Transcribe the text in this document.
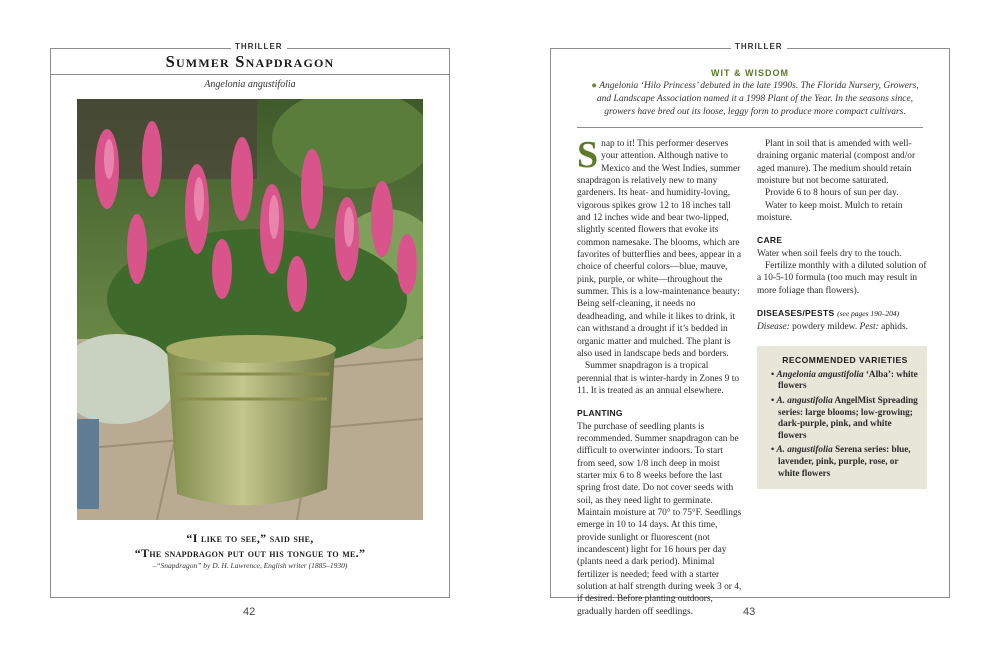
Summer Snapdragon
Angelonia angustifolia
“I like to see,” said she,
“The snapdragon put out his tongue to me.”
–“Snapdragon” by D. H. Lawrence, English writer (1885–1930)
THRILLER
42
WIT & WISDOM
● Angelonia ‘Hilo Princess’ debuted in the late 1990s. The Florida Nursery, Growers, and Landscape Association named it a 1998 Plant of the Year. In the seasons since, growers have bred out its loose, leggy form to produce more compact cultivars.

Snap to it! This performer deserves your attention. Although native to Mexico and the West Indies, summer snapdragon is relatively new to many gardeners. Its heat- and humidity-loving, vigorous spikes grow 12 to 18 inches tall and 12 inches wide and bear two-lipped, slightly scented flowers that evoke its common namesake. The blooms, which are favorites of butterflies and bees, appear in a choice of cheerful colors—blue, mauve, pink, purple, or white—throughout the summer. This is a low-maintenance beauty: Being self-cleaning, it needs no deadheading, and while it likes to drink, it can withstand a drought if it’s bedded in organic matter and mulched. The plant is also used in landscape beds and borders.

Summer snapdragon is a tropical perennial that is winter-hardy in Zones 9 to 11. It is treated as an annual elsewhere.

PLANTING

The purchase of seedling plants is recommended. Summer snapdragon can be difficult to overwinter indoors. To start from seed, sow 1/8 inch deep in moist starter mix 6 to 8 weeks before the last spring frost date. Do not cover seeds with soil, as they need light to germinate. Maintain moisture at 70° to 75°F. Seedlings emerge in 10 to 14 days. At this time, provide sunlight or fluorescent (not incandescent) light for 16 hours per day (plants need a dark period). Minimal fertilizer is needed; feed with a starter solution at half strength during week 3 or 4, if desired. Before planting outdoors, gradually harden off seedlings.

Plant in soil that is amended with well-draining organic material (compost and/or aged manure). The medium should retain moisture but not become saturated.

Provide 6 to 8 hours of sun per day.

Water to keep moist. Mulch to retain moisture.

CARE

Water when soil feels dry to the touch.

Fertilize monthly with a diluted solution of a 10-5-10 formula (too much may result in more foliage than flowers).

DISEASES/PESTS (see pages 190–204)

Disease: powdery mildew. Pest: aphids.

RECOMMENDED VARIETIES
• Angelonia angustifolia ‘Alba’: white flowers
• A. angustifolia AngelMist Spreading series: large blooms; low-growing; dark-purple, pink, and white flowers
• A. angustifolia Serena series: blue, lavender, pink, purple, rose, or white flowers
THRILLER
43
